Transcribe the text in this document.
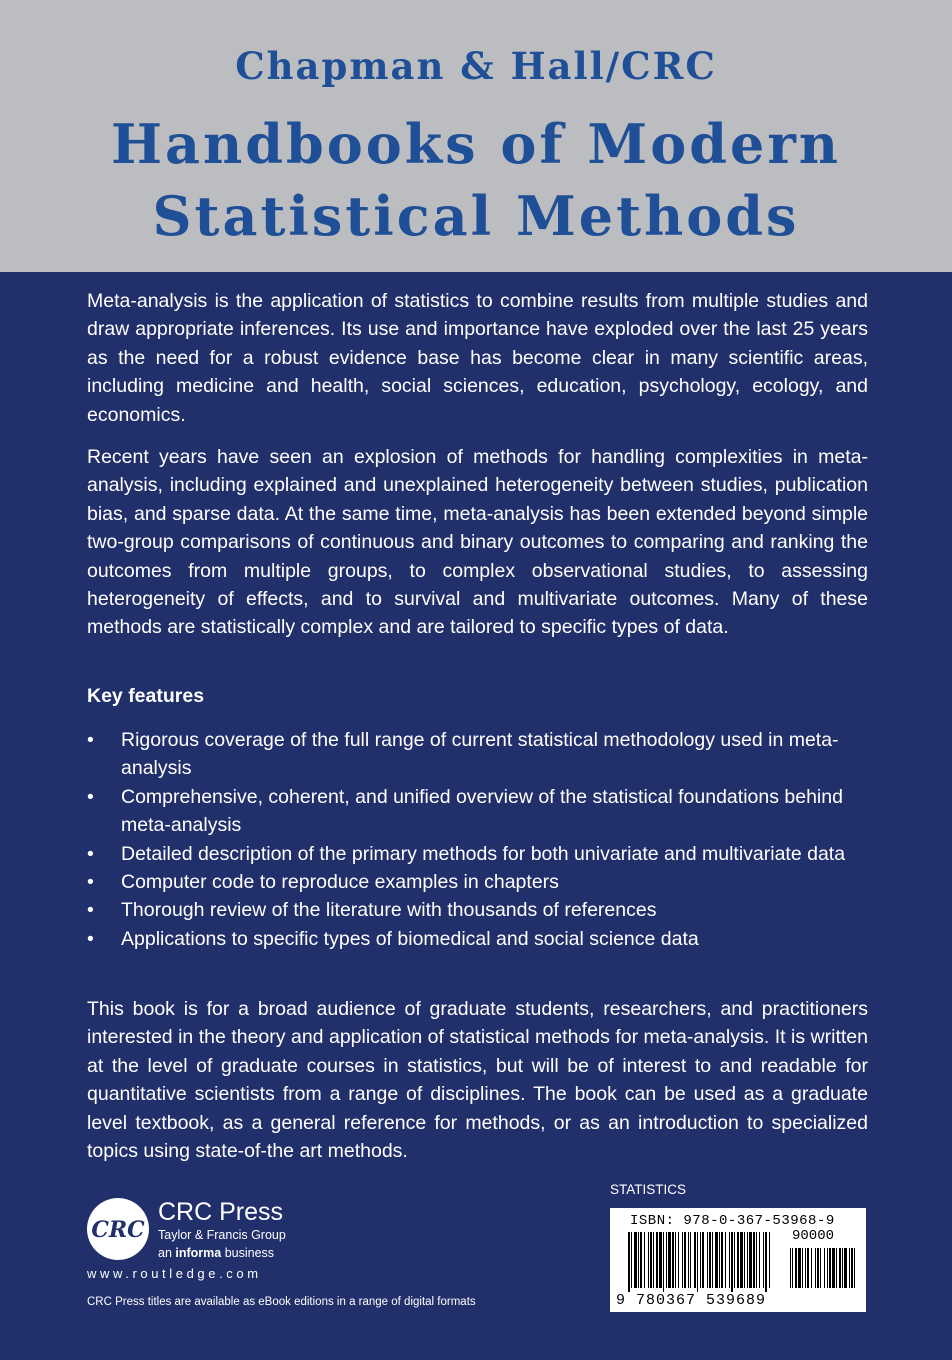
Chapman & Hall/CRC

Handbooks of Modern
Statistical Methods

Meta-analysis is the application of statistics to combine results from multiple studies and draw appropriate inferences. Its use and importance have exploded over the last 25 years as the need for a robust evidence base has become clear in many scientific areas, including medicine and health, social sciences, education, psychology, ecology, and economics.

Recent years have seen an explosion of methods for handling complexities in meta-analysis, including explained and unexplained heterogeneity between studies, publication bias, and sparse data. At the same time, meta-analysis has been extended beyond simple two-group comparisons of continuous and binary outcomes to comparing and ranking the outcomes from multiple groups, to complex observational studies, to assessing heterogeneity of effects, and to survival and multivariate outcomes. Many of these methods are statistically complex and are tailored to specific types of data.

Key features

• Rigorous coverage of the full range of current statistical methodology used in meta-analysis
• Comprehensive, coherent, and unified overview of the statistical foundations behind meta-analysis
• Detailed description of the primary methods for both univariate and multivariate data
• Computer code to reproduce examples in chapters
• Thorough review of the literature with thousands of references
• Applications to specific types of biomedical and social science data

This book is for a broad audience of graduate students, researchers, and practitioners interested in the theory and application of statistical methods for meta-analysis. It is written at the level of graduate courses in statistics, but will be of interest to and readable for quantitative scientists from a range of disciplines. The book can be used as a graduate level textbook, as a general reference for methods, or as an introduction to specialized topics using state-of-the art methods.

CRC

CRC Press

Taylor & Francis Group

an informa business

www.routledge.com

CRC Press titles are available as eBook editions in a range of digital formats

STATISTICS

ISBN: 978-0-367-53968-9

90000

9 780367 539689
